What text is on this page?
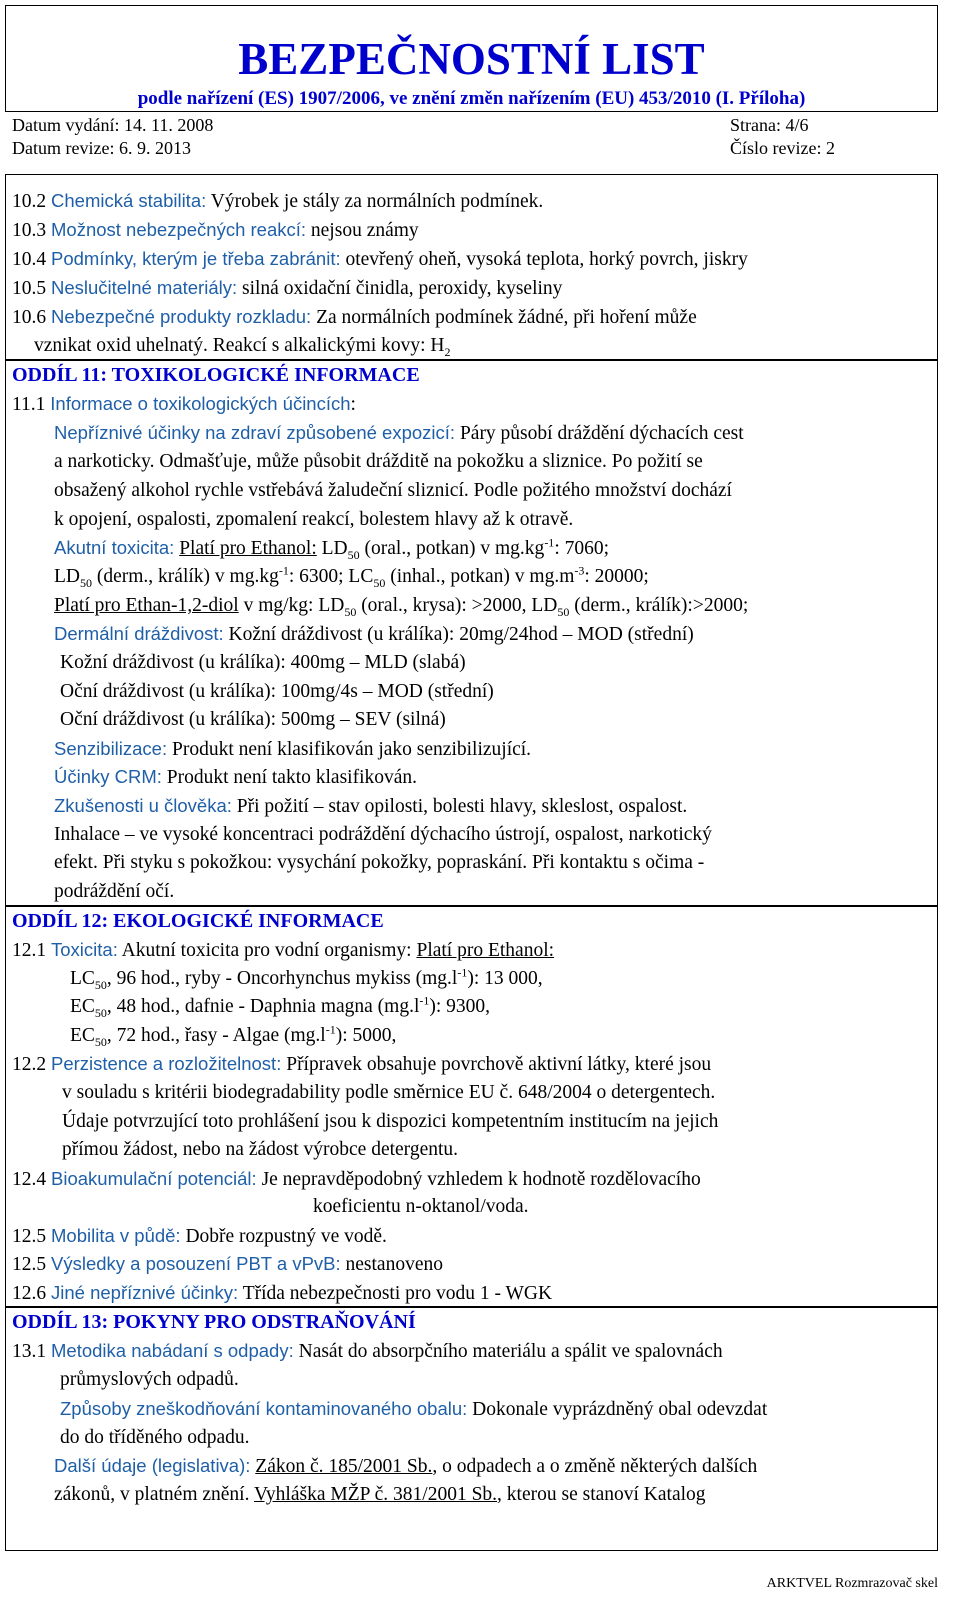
BEZPEČNOSTNÍ LIST
podle nařízení (ES) 1907/2006, ve znění změn nařízením (EU) 453/2010 (I. Příloha)
Datum vydání: 14. 11. 2008	Strana: 4/6
Datum revize: 6. 9. 2013	Číslo revize: 2
10.2 Chemická stabilita: Výrobek je stály za normálních podmínek.
10.3 Možnost nebezpečných reakcí: nejsou známy
10.4 Podmínky, kterým je třeba zabránit: otevřený oheň, vysoká teplota, horký povrch, jiskry
10.5 Neslučitelné materiály: silná oxidační činidla, peroxidy, kyseliny
10.6 Nebezpečné produkty rozkladu: Za normálních podmínek žádné, při hoření může
vznikat oxid uhelnatý. Reakcí s alkalickými kovy: $H_2$
ODDÍL 11: TOXIKOLOGICKÉ INFORMACE
11.1 Informace o toxikologických účincích:
Nepříznivé účinky na zdraví způsobené expozicí: Páry působí dráždění dýchacích cest
a narkoticky. Odmašťuje, může působit drážditě na pokožku a sliznice. Po požití se
obsažený alkohol rychle vstřebává žaludeční sliznicí. Podle požitého množství dochází
k opojení, ospalosti, zpomalení reakcí, bolestem hlavy až k otravě.
Akutní toxicita: Platí pro Ethanol: $LD_{50}$ (oral., potkan) v $mg.kg^{-1}$: 7060;
$LD_{50}$ (derm., králík) v $mg.kg^{-1}$: 6300; $LC_{50}$ (inhal., potkan) v $mg.m^{-3}$: 20000;
Platí pro Ethan-1,2-diol v mg/kg: $LD_{50}$ (oral., krysa): >2000, $LD_{50}$ (derm., králík):>2000;
Dermální dráždivost: Kožní dráždivost (u králíka): 20mg/24hod – MOD (střední)
Kožní dráždivost (u králíka): 400mg – MLD (slabá)
Oční dráždivost (u králíka): 100mg/4s – MOD (střední)
Oční dráždivost (u králíka): 500mg – SEV (silná)
Senzibilizace: Produkt není klasifikován jako senzibilizující.
Účinky CRM: Produkt není takto klasifikován.
Zkušenosti u člověka: Při požití – stav opilosti, bolesti hlavy, skleslost, ospalost.
Inhalace – ve vysoké koncentraci podráždění dýchacího ústrojí, ospalost, narkotický
efekt. Při styku s pokožkou: vysychání pokožky, popraskání. Při kontaktu s očima -
podráždění očí.
ODDÍL 12: EKOLOGICKÉ INFORMACE
12.1 Toxicita: Akutní toxicita pro vodní organismy: Platí pro Ethanol:
$LC_{50}$, 96 hod., ryby - Oncorhynchus mykiss $(mg.l^{-1})$: 13 000,
$EC_{50}$, 48 hod., dafnie - Daphnia magna $(mg.l^{-1})$: 9300,
$EC_{50}$, 72 hod., řasy - Algae $(mg.l^{-1})$: 5000,
12.2 Perzistence a rozložitelnost: Přípravek obsahuje povrchově aktivní látky, které jsou
v souladu s kritérii biodegradability podle směrnice EU č. 648/2004 o detergentech.
Údaje potvrzující toto prohlášení jsou k dispozici kompetentním institucím na jejich
přímou žádost, nebo na žádost výrobce detergentu.
12.4 Bioakumulační potenciál: Je nepravděpodobný vzhledem k hodnotě rozdělovacího
koeficientu n-oktanol/voda.
12.5 Mobilita v půdě: Dobře rozpustný ve vodě.
12.5 Výsledky a posouzení PBT a vPvB: nestanoveno
12.6 Jiné nepříznivé účinky: Třída nebezpečnosti pro vodu 1 - WGK
ODDÍL 13: POKYNY PRO ODSTRAŇOVÁNÍ
13.1 Metodika nabádaní s odpady: Nasát do absorpčního materiálu a spálit ve spalovnách
průmyslových odpadů.
Způsoby zneškodňování kontaminovaného obalu: Dokonale vyprázdněný obal odevzdat
do do tříděného odpadu.
Další údaje (legislativa): Zákon č. 185/2001 Sb., o odpadech a o změně některých dalších
zákonů, v platném znění. Vyhláška MŽP č. 381/2001 Sb., kterou se stanoví Katalog
ARKTVEL Rozmrazovač skel
